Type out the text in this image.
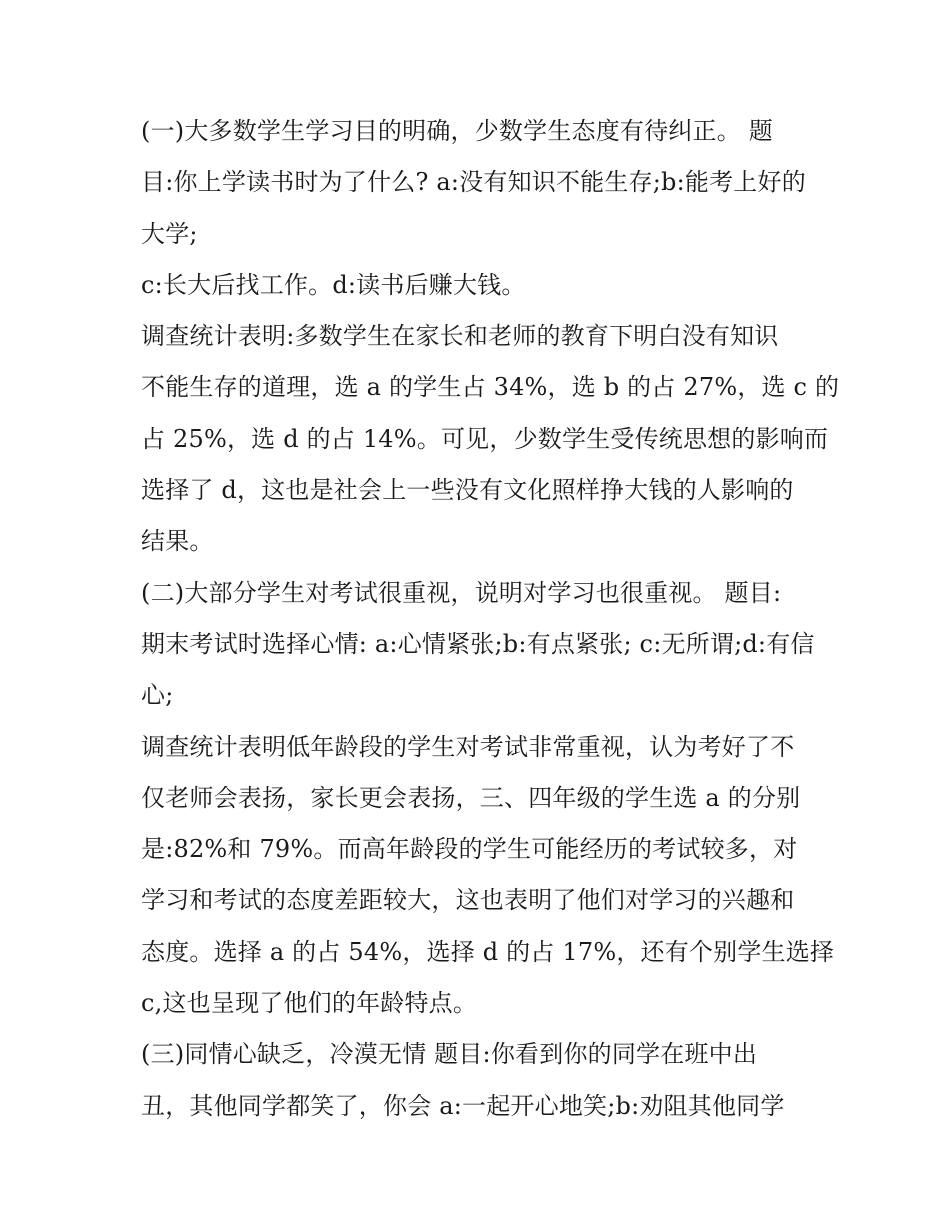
(一)大多数学生学习目的明确，少数学生态度有待纠正。 题
目:你上学读书时为了什么? a:没有知识不能生存;b:能考上好的
大学;
c:长大后找工作。d:读书后赚大钱。
调查统计表明:多数学生在家长和老师的教育下明白没有知识
不能生存的道理，选 a 的学生占 34%，选 b 的占 27%，选 c 的
占 25%，选 d 的占 14%。可见，少数学生受传统思想的影响而
选择了 d，这也是社会上一些没有文化照样挣大钱的人影响的
结果。
(二)大部分学生对考试很重视，说明对学习也很重视。 题目:
期末考试时选择心情: a:心情紧张;b:有点紧张; c:无所谓;d:有信
心;
调查统计表明低年龄段的学生对考试非常重视，认为考好了不
仅老师会表扬，家长更会表扬，三、四年级的学生选 a 的分别
是:82%和 79%。而高年龄段的学生可能经历的考试较多，对
学习和考试的态度差距较大，这也表明了他们对学习的兴趣和
态度。选择 a 的占 54%，选择 d 的占 17%，还有个别学生选择
c,这也呈现了他们的年龄特点。
(三)同情心缺乏，冷漠无情 题目:你看到你的同学在班中出
丑，其他同学都笑了，你会 a:一起开心地笑;b:劝阻其他同学
